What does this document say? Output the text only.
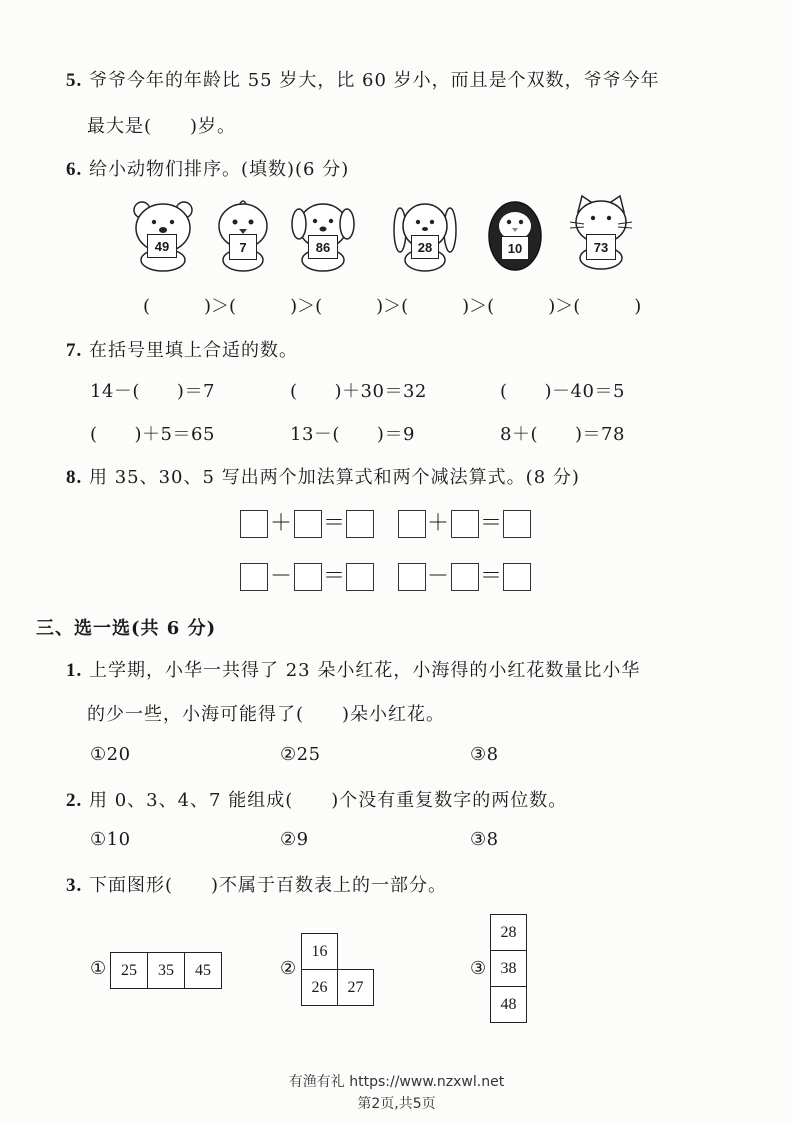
5. 爷爷今年的年龄比 55 岁大，比 60 岁小，而且是个双数，爷爷今年
最大是(　　)岁。
6. 给小动物们排序。(填数)(6 分)
49	7	86	28	10	73
(　　　)＞(　　　)＞(　　　)＞(　　　)＞(　　　)＞(　　　)
7. 在括号里填上合适的数。
14－(　　)＝7	(　　)＋30＝32	(　　)－40＝5
(　　)＋5＝65	13－(　　)＝9	8＋(　　)＝78
8. 用 35、30、5 写出两个加法算式和两个减法算式。(8 分)
＋ ＝	＋ ＝
－ ＝	－ ＝
三、选一选(共 6 分)
1. 上学期，小华一共得了 23 朵小红花，小海得的小红花数量比小华
的少一些，小海可能得了(　　)朵小红花。
①20	②25	③8
2. 用 0、3、4、7 能组成(　　)个没有重复数字的两位数。
①10	②9	③8
3. 下面图形(　　)不属于百数表上的一部分。
① 25	35	45	②
16
26	27
③
28
38
48
有渔有礼 https://www.nzxwl.net
第2页,共5页
